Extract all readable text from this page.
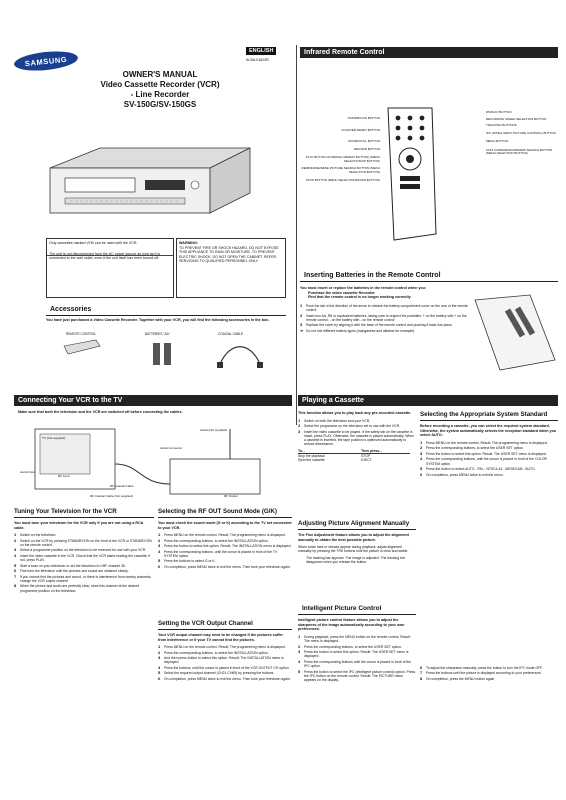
SAMSUNG
ENGLISH
AC68-01823R
OWNER'S MANUAL
Video Cassette Recorder (VCR)
- Line Recorder
SV-150G/SV-150GS
Only cassettes marked VHS can be used with the VCR.
The unit is not disconnected from the AC power source as long as it is connected to the wall outlet, even if the unit itself has been turned off.
WARNING:
TO PREVENT FIRE OR SHOCK HAZARD, DO NOT EXPOSE THIS APPLIANCE TO RAIN OR MOISTURE. TO PREVENT ELECTRIC SHOCK, DO NOT OPEN THE CABINET. REFER SERVICING TO QUALIFIED PERSONNEL ONLY.
Accessories
You have just purchased a Video Cassette Recorder. Together with your VCR, you will find the following accessories in the box.
REMOTE CONTROL	BATTERIES "AA"	COAXIAL CABLE
Infrared Remote Control
STANDBY/ON BUTTON
COUNTER RESET BUTTON
PAUSE/STILL BUTTON
RECORD BUTTON
PLAY BUTTON (INTERVAL REPEAT BUTTON) (MENU SELECTION/UP BUTTON)
REWIND/REVERSE PICTURE SEARCH BUTTON (MENU SELECTION BUTTON)
STOP BUTTON (MENU SELECTION/DOWN BUTTON)
DISPLAY BUTTON
RECORDING SPEED SELECTION BUTTON
TRACKING BUTTONS
IPC (INTELLIGENT PICTURE CONTROL) BUTTON
MENU BUTTON
FAST FORWARD/FORWARD SEARCH BUTTON (MENU SELECTION BUTTON)
Inserting Batteries in the Remote Control
You must insert or replace the batteries in the remote control when you:
Purchase the video cassette Recorder
Find that the remote control is no longer working correctly
1	Push the tab in the direction of the arrow to release the battery compartment cover on the rear of the remote control.
2	Insert two AA, R6 or equivalent batteries, taking care to respect the polarities: + on the battery with + on the remote control; - on the battery with - on the remote control
3	Replace the cover by aligning it with the base of the remote control and pushing it back into place.
➢ Do not mix different battery types (manganese and alkaline for example).
Connecting Your VCR to the TV
Make sure that both the television and the VCR are switched off before connecting the cables.
Aerial (Not supplied)
TV (Not supplied)
Aerial Input
RF Input
RF Output
Aerial Connector
RF Coaxial Cable
RF Coaxial Cable (Not supplied)
Tuning Your Television for the VCR
You must tune your television for the VCR only if you are not using a RCA cable.
1	Switch on the television.
2	Switch on the VCR by pressing STANDBY/ON on the front of the VCR or STANDBY/ON on the remote control.
3	Select a programme position on the television to be reserved for use with your VCR.
4	Insert the video cassette in the VCR. Check that the VCR starts reading the cassette; if not, press PLAY.
5	Start a scan on your television or set the television to UHF channel 36.
6	Fine tune the television until the pictures and sound are obtained clearly.
7	If you cannot find the pictures and sound, or there is interference from nearby channels, change the VCR output channel.
8	When the picture and audio are perfectly clear, store this channel at the desired programme position on the television.
Selecting the RF OUT Sound Mode (G/K)
You must check the sound mode (G or K) according to the TV set connected to your VCR.
1	Press MENU on the remote control. Result: The programming menu is displayed.
2	Press the corresponding buttons, to select the INSTALLATION option.
3	Press the button to select this option. Result: The INSTALLATION menu is displayed.
4	Press the corresponding buttons, until the cursor is placed in front of the TV SYSTEM option.
5	Press the buttons to select G or K.
6	On completion, press MENU twice to exit the menu. Then tune your television again.
Setting the VCR Output Channel
Your VCR output channel may need to be changed if the pictures suffer from interference or if your TV cannot find the pictures.
1	Press MENU on the remote control. Result: The programming menu is displayed.
2	Press the corresponding buttons, to select the INSTALLATION option.
3	And then press button to select this option. Result: The INSTALLATION menu is displayed.
4	Press the buttons, until the cursor is placed in front of the VCR OUTPUT CH option.
5	Select the required output channel (CH21-CH69) by pressing the buttons.
6	On completion, press MENU twice to exit the menu. Then tune your television again.
Playing a Cassette
This function allows you to play back any pre-recorded cassette.
1	Switch on both the television and your VCR.
2	Select the programme on the television set to use with the VCR.
3	Insert the video cassette to be played. If the safety tab on the cassette is intact, press PLAY. Otherwise, the cassette is played automatically. When a cassette is inserted, the tape position is optimized automatically to reduce disturbance.
To...	Then press...
Stop the playback	STOP
Eject the cassette	EJECT
Adjusting Picture Alignment Manually
The Fine Adjustment feature allows you to adjust the alignment manually to obtain the best possible picture.
When noise bars or streaks appear during playback, adjust alignment manually by pressing the TRK buttons until the picture is clear and stable.
The tracking bar appears. The image is adjusted. The tracking bar disappears when you release the button.
Selecting the Appropriate System Standard
Before recording a cassette, you can select the required system standard. Otherwise, the system automatically selects the reception standard when you select AUTO.
1	Press MENU on the remote control. Result: The programming menu is displayed.
2	Press the corresponding buttons, to select the USER SET option.
3	Press the button to select this option. Result: The USER SET menu is displayed.
4	Press the corresponding buttons, until the cursor is placed in front of the COLOR SYSTEM option.
5	Press the button to select AUTO - PAL - NTSC4.43 - MESECAM - AUTO.
6	On completion, press MENU twice to exit the menu.
Intelligent Picture Control
Intelligent picture control feature allows you to adjust the sharpness of the image automatically according to your own preferences.
1	During playback, press the MENU button on the remote control. Result: The menu is displayed.
2	Press the corresponding buttons, to select the USER SET option.
3	Press the button to select this option. Result: The USER SET menu is displayed.
4	Press the corresponding buttons until the cursor is placed in front of the IPC option.
5	Press the button to select the IPC (Intelligent picture control) option. Press the IPC button on the remote control. Result: The PICTURE menu appears on the display.
6	To adjust the sharpness manually, press the button to turn the IPC mode OFF.
7	Press the buttons until the picture is displayed according to your preferences.
8	On completion, press the MENU button again.
